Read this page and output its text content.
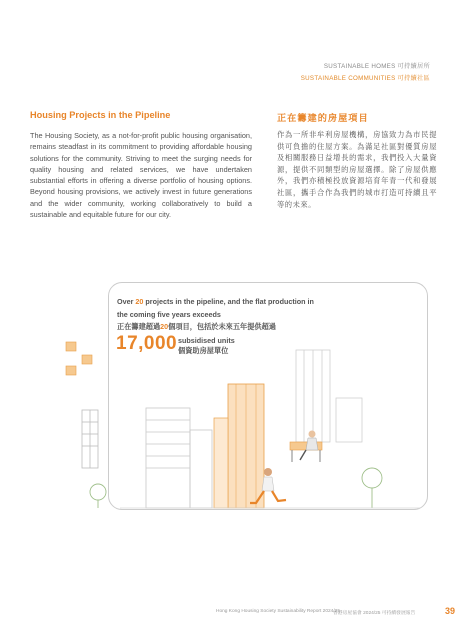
SUSTAINABLE HOMES 可持續居所
SUSTAINABLE COMMUNITIES 可持續社區
Housing Projects in the Pipeline	正在籌建的房屋項目
The Housing Society, as a not-for-profit public housing organisation, remains steadfast in its commitment to providing affordable housing solutions for the community. Striving to meet the surging needs for quality housing and related services, we have undertaken substantial efforts in offering a diverse portfolio of housing options. Beyond housing provisions, we actively invest in future generations and the wider community, working collaboratively to build a sustainable and equitable future for our city.
作為一所非牟利房屋機構，房協致力為市民提供可負擔的住屋方案。為滿足社區對優質房屋及相關服務日益增長的需求，我們投入大量資源，提供不同類型的房屋選擇。除了房屋供應外，我們亦積極投放資源培育年青一代和發展社區，攜手合作為我們的城市打造可持續且平等的未來。
Over 20 projects in the pipeline, and the flat production in
the coming five years exceeds
正在籌建超過20個項目，包括於未來五年提供超過
17,000 subsidised units
個資助房屋單位
Hong Kong Housing Society Sustainability Report 2024/25
香港房屋協會 2024/25 可持續發展報告	39
